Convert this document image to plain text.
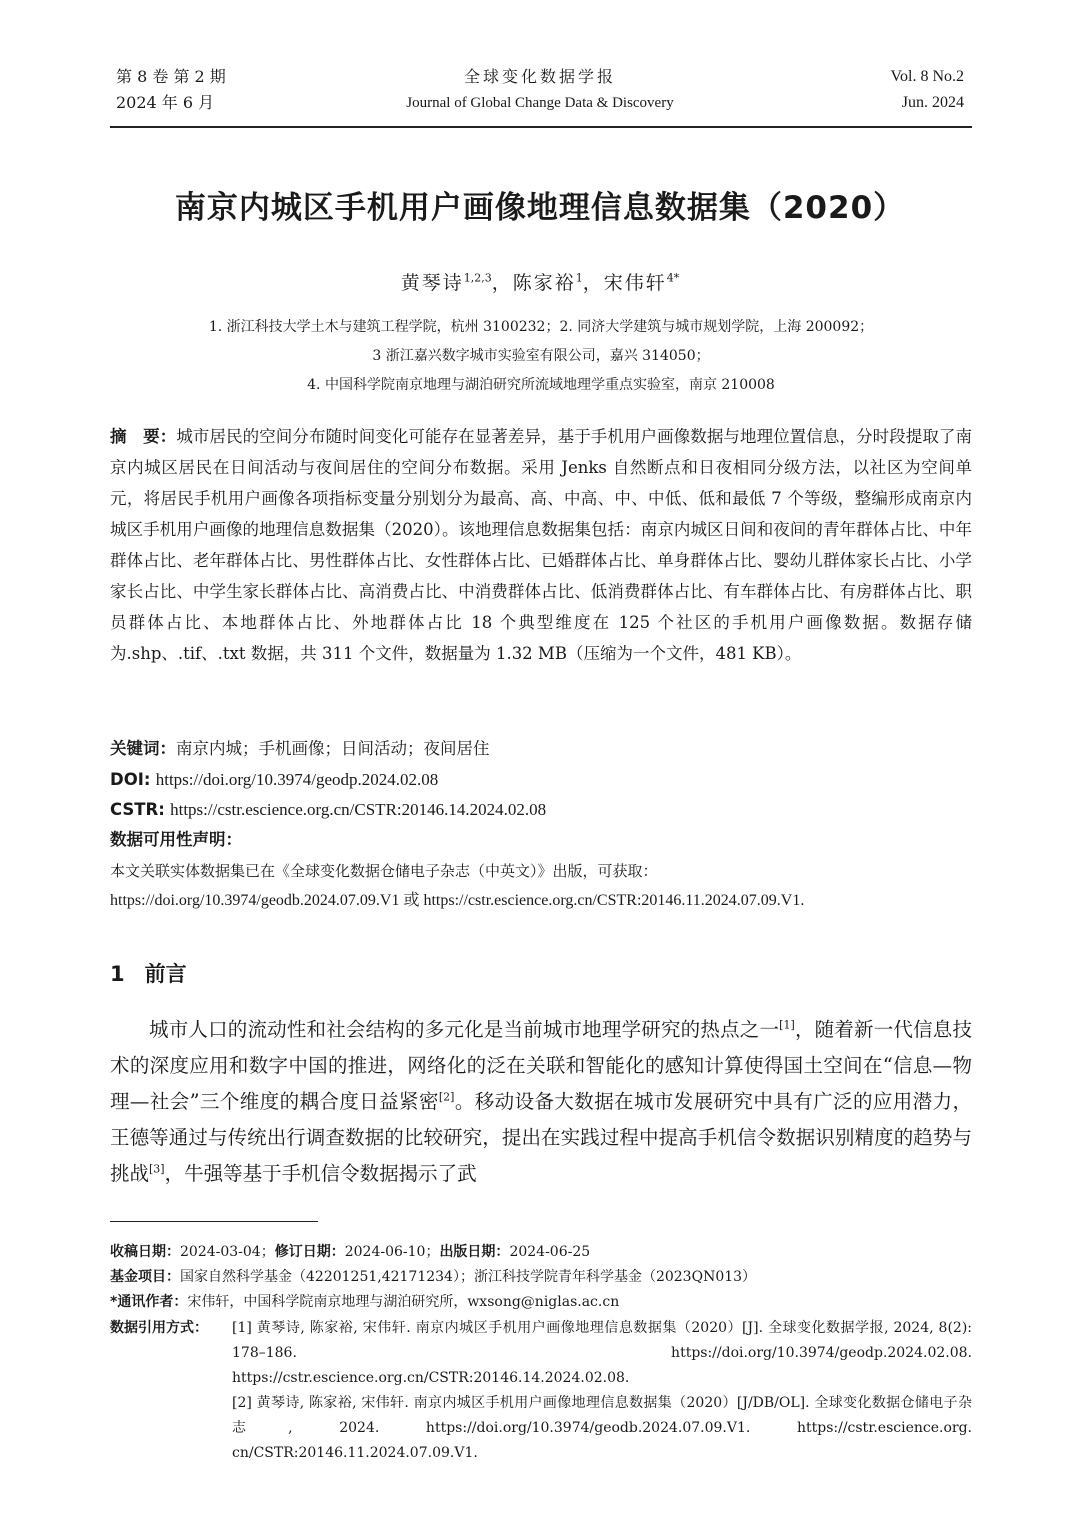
第 8 卷 第 2 期
2024 年 6 月
全球变化数据学报
Journal of Global Change Data & Discovery
Vol. 8 No.2
Jun. 2024
南京内城区手机用户画像地理信息数据集（2020）
黄琴诗$^{1,2,3}$，陈家裕$^1$，宋伟轩$^{4*}$
1. 浙江科技大学土木与建筑工程学院，杭州 3100232；2. 同济大学建筑与城市规划学院，上海 200092；
3 浙江嘉兴数字城市实验室有限公司，嘉兴 314050；
4. 中国科学院南京地理与湖泊研究所流域地理学重点实验室，南京 210008
摘　要：城市居民的空间分布随时间变化可能存在显著差异，基于手机用户画像数据与地理位置信息，分时段提取了南京内城区居民在日间活动与夜间居住的空间分布数据。采用 Jenks 自然断点和日夜相同分级方法，以社区为空间单元，将居民手机用户画像各项指标变量分别划分为最高、高、中高、中、中低、低和最低 7 个等级，整编形成南京内城区手机用户画像的地理信息数据集（2020）。该地理信息数据集包括：南京内城区日间和夜间的青年群体占比、中年群体占比、老年群体占比、男性群体占比、女性群体占比、已婚群体占比、单身群体占比、婴幼儿群体家长占比、小学家长占比、中学生家长群体占比、高消费占比、中消费群体占比、低消费群体占比、有车群体占比、有房群体占比、职员群体占比、本地群体占比、外地群体占比 18 个典型维度在 125 个社区的手机用户画像数据。数据存储为.shp、.tif、.txt 数据，共 311 个文件，数据量为 1.32 MB（压缩为一个文件，481 KB）。
关键词：南京内城；手机画像；日间活动；夜间居住
DOI: https://doi.org/10.3974/geodp.2024.02.08
CSTR: https://cstr.escience.org.cn/CSTR:20146.14.2024.02.08
数据可用性声明：
本文关联实体数据集已在《全球变化数据仓储电子杂志（中英文）》出版，可获取：
https://doi.org/10.3974/geodb.2024.07.09.V1 或 https://cstr.escience.org.cn/CSTR:20146.11.2024.07.09.V1.
1 前言

城市人口的流动性和社会结构的多元化是当前城市地理学研究的热点之一[1]，随着新一代信息技术的深度应用和数字中国的推进，网络化的泛在关联和智能化的感知计算使得国土空间在“信息—物理—社会”三个维度的耦合度日益紧密[2]。移动设备大数据在城市发展研究中具有广泛的应用潜力，王德等通过与传统出行调查数据的比较研究，提出在实践过程中提高手机信令数据识别精度的趋势与挑战[3]，牛强等基于手机信令数据揭示了武

收稿日期：2024-03-04；修订日期：2024-06-10；出版日期：2024-06-25
基金项目：国家自然科学基金（42201251,42171234）；浙江科技学院青年科学基金（2023QN013）
*通讯作者：宋伟轩，中国科学院南京地理与湖泊研究所，wxsong@niglas.ac.cn
数据引用方式： [1] 黄琴诗, 陈家裕, 宋伟轩. 南京内城区手机用户画像地理信息数据集（2020）[J]. 全球变化数据学报, 2024, 8(2): 178–186. https://doi.org/10.3974/geodp.2024.02.08. https://cstr.escience.org.cn/CSTR:20146.14.2024.02.08.
[2] 黄琴诗, 陈家裕, 宋伟轩. 南京内城区手机用户画像地理信息数据集（2020）[J/DB/OL]. 全球变化数据仓储电子杂志, 2024. https://doi.org/10.3974/geodb.2024.07.09.V1. https://cstr.escience.org. cn/CSTR:20146.11.2024.07.09.V1.
